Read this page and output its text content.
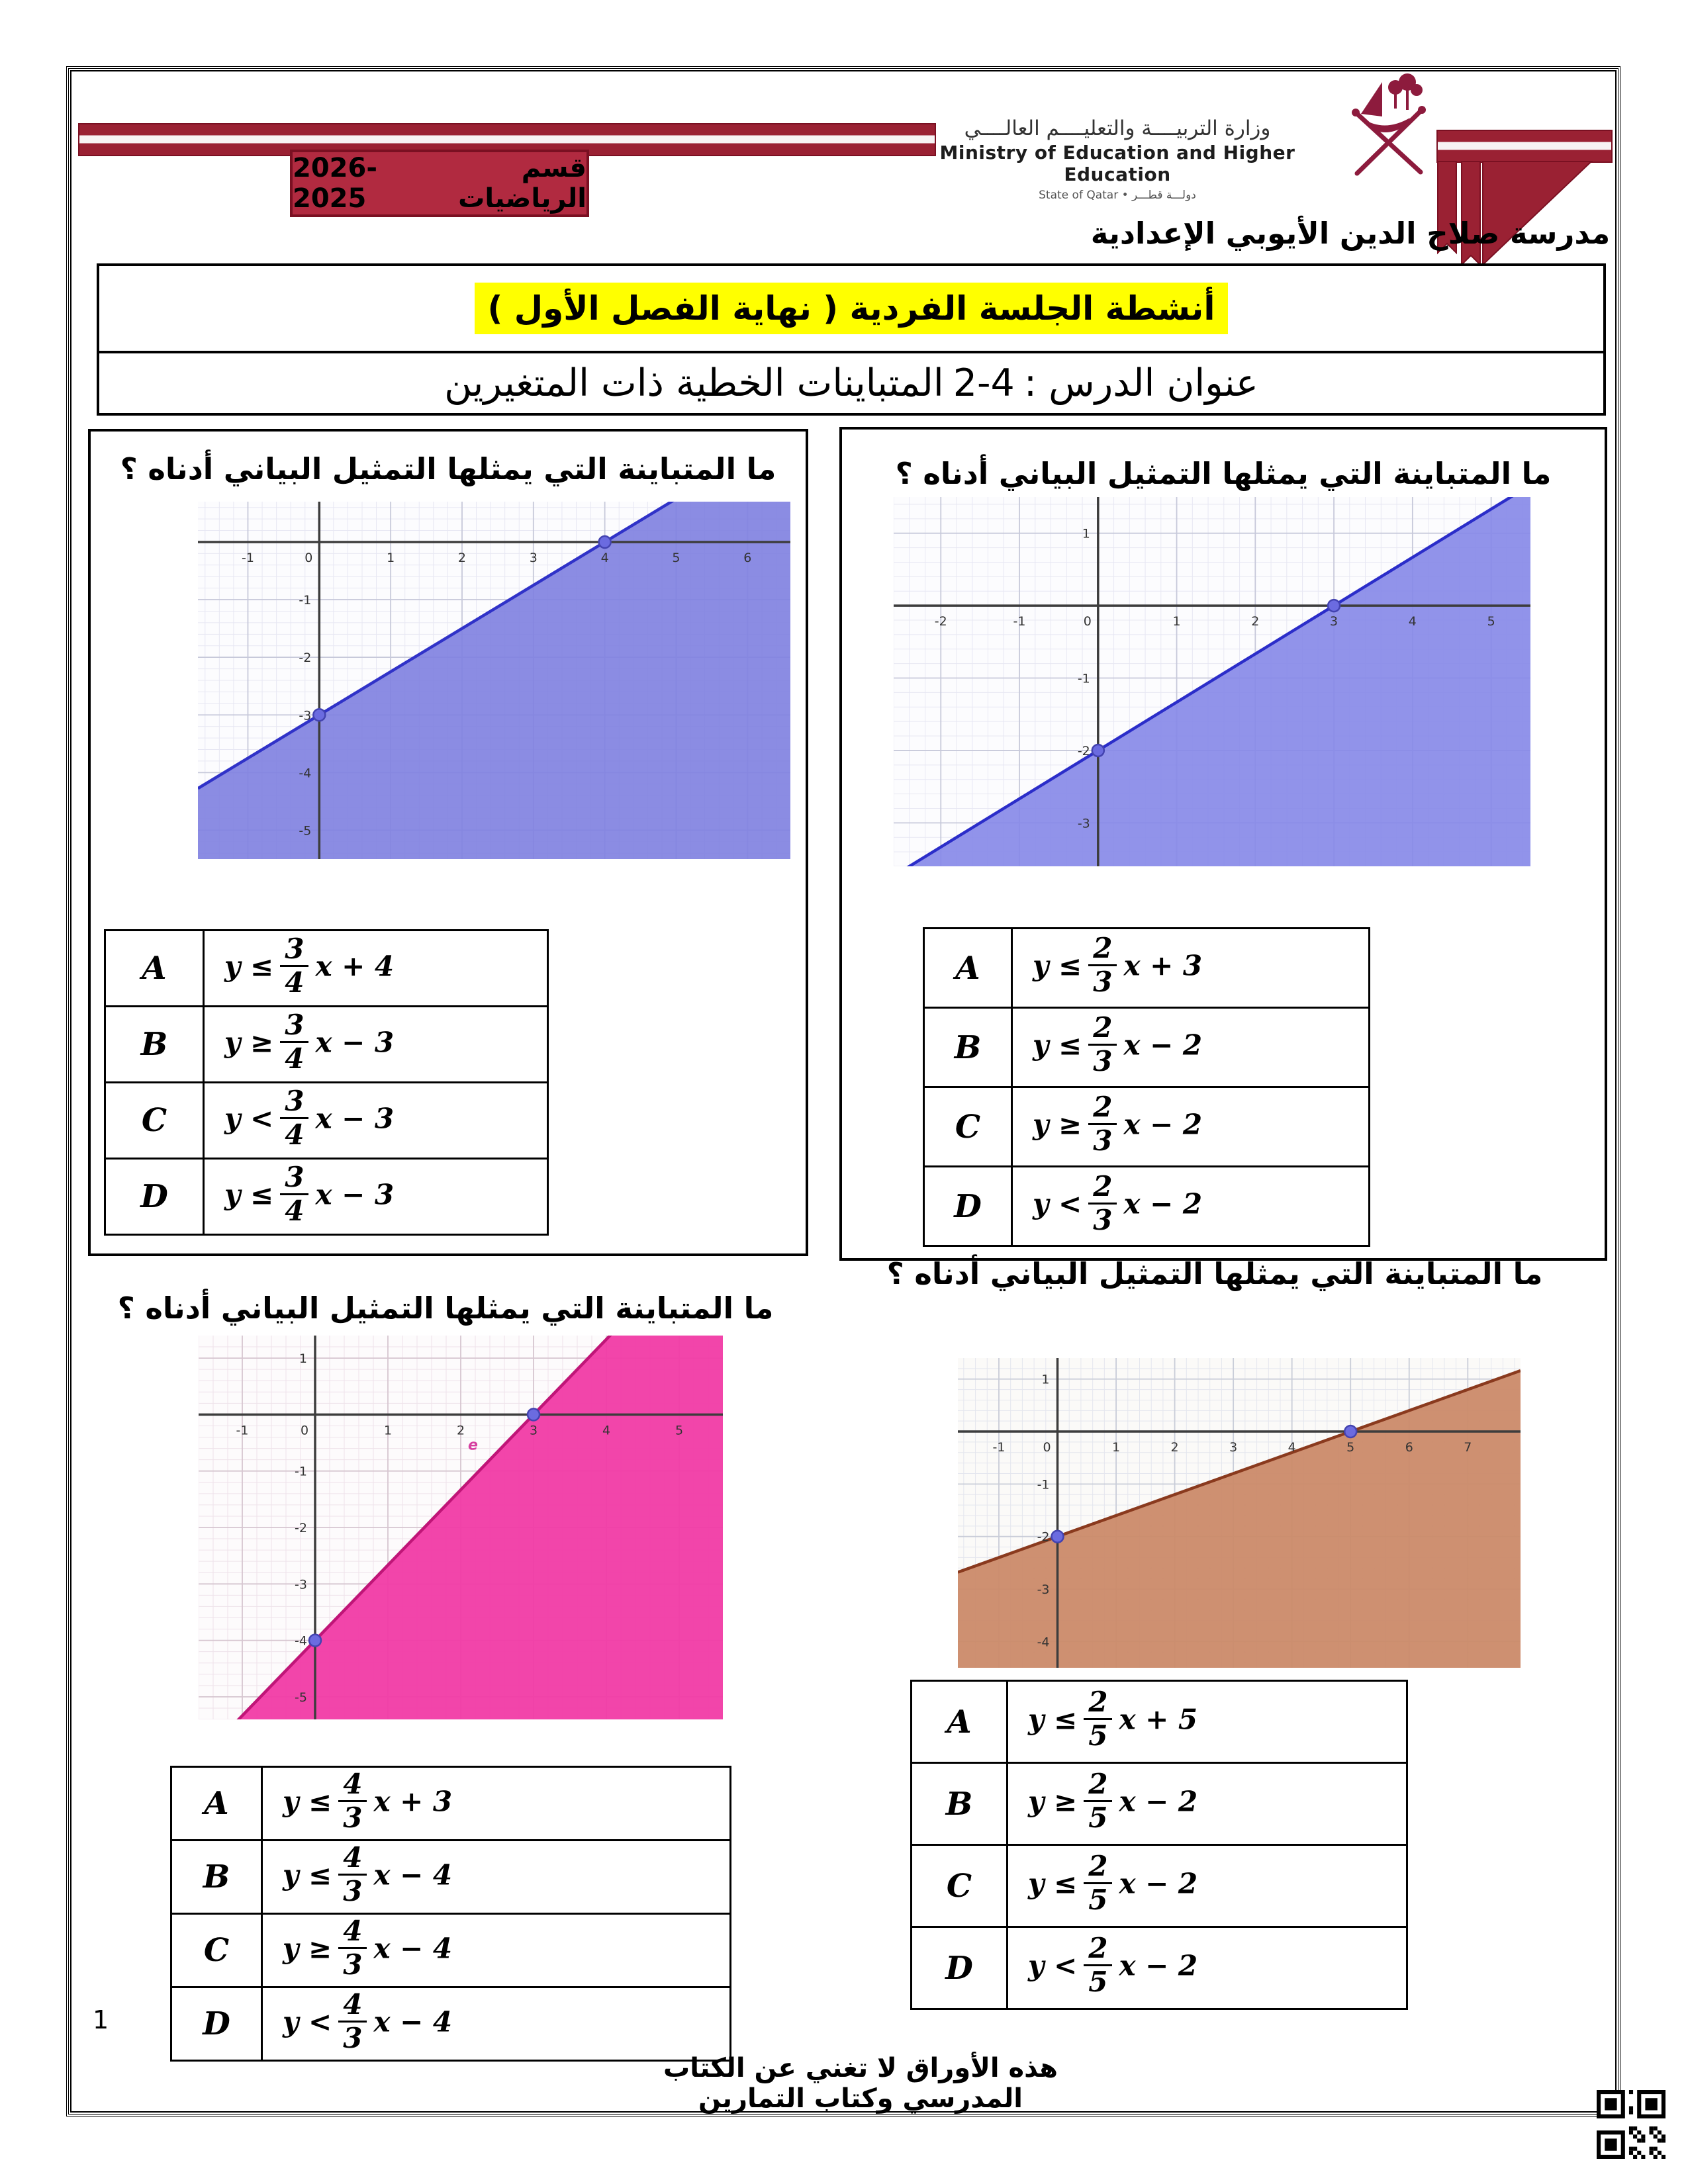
وزارة التربيــــة والتعليــــم العالــــي
Ministry of Education and Higher Education
State of Qatar • دولـــة قطـــر
مدرسة صلاح الدين الأيوبي الإعدادية
قسم الرياضيات
2026-2025
أنشطة الجلسة الفردية ( نهاية الفصل الأول )
عنوان الدرس :
2-4
المتباينات الخطية ذات المتغيرين
ما المتباينة التي يمثلها التمثيل البياني أدناه ؟
-1	0	1	2	3	4	5	6
-1
-2
-3
-4
-5
A	$y \le \frac{3}{4}$ x + 4
B	$y \ge \frac{3}{4}$ x − 3
C	$y < \frac{3}{4}$ x − 3
D	$y \le \frac{3}{4}$ x − 3
ما المتباينة التي يمثلها التمثيل البياني أدناه ؟
-2	-1	0	1	2	3	4	5
1
-1
-2
-3
A	$y \le \frac{2}{3}$ x + 3
B	$y \le \frac{2}{3}$ x − 2
C	$y \ge \frac{2}{3}$ x − 2
D	$y < \frac{2}{3}$ x − 2
ما المتباينة التي يمثلها التمثيل البياني أدناه ؟
-1	0	1	2	3	4	5
1
-1
-2
-3
-4
-5
e
A	$y \le \frac{4}{3}$ x + 3
B	$y \le \frac{4}{3}$ x − 4
C	$y \ge \frac{4}{3}$ x − 4
D	$y < \frac{4}{3}$ x − 4
ما المتباينة التي يمثلها التمثيل البياني أدناه ؟
-1	0	1	2	3	4	5	6	7
1
-1
-2
-3
-4
A	$y \le \frac{2}{5}$ x + 5
B	$y \ge \frac{2}{5}$ x − 2
C	$y \le \frac{2}{5}$ x − 2
D	$y < \frac{2}{5}$ x − 2
1
هذه الأوراق لا تغني عن الكتاب المدرسي وكتاب التمارين
